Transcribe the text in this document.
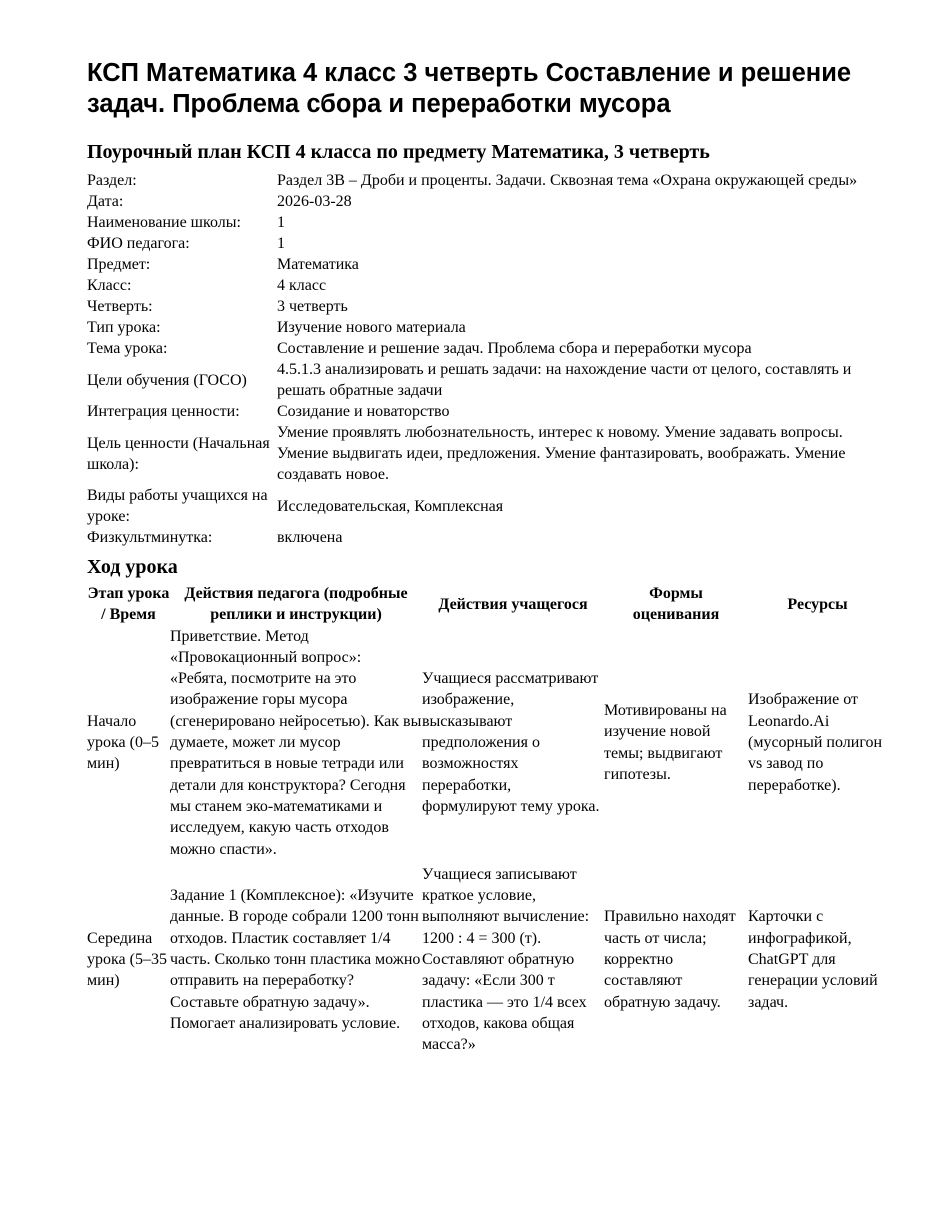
КСП Математика 4 класс 3 четверть Составление и решение задач. Проблема сбора и переработки мусора
Поурочный план КСП 4 класса по предмету Математика, 3 четверть
Раздел:	Раздел 3В – Дроби и проценты. Задачи. Сквозная тема «Охрана окружающей среды»
Дата:	2026-03-28
Наименование школы:	1
ФИО педагога:	1
Предмет:	Математика
Класс:	4 класс
Четверть:	3 четверть
Тип урока:	Изучение нового материала
Тема урока:	Составление и решение задач. Проблема сбора и переработки мусора
Цели обучения (ГОСО)	4.5.1.3 анализировать и решать задачи: на нахождение части от целого, составлять и решать обратные задачи
Интеграция ценности:	Созидание и новаторство
Цель ценности (Начальная школа):	Умение проявлять любознательность, интерес к новому. Умение задавать вопросы. Умение выдвигать идеи, предложения. Умение фантазировать, воображать. Умение создавать новое.
Виды работы учащихся на уроке:	Исследовательская, Комплексная
Физкультминутка:	включена
Ход урока
Этап урока / Время	Действия педагога (подробные реплики и инструкции)	Действия учащегося	Формы оценивания	Ресурсы
Начало урока (0–5 мин)	Приветствие. Метод «Провокационный вопрос»: «Ребята, посмотрите на это изображение горы мусора (сгенерировано нейросетью). Как вы думаете, может ли мусор превратиться в новые тетради или детали для конструктора? Сегодня мы станем эко-математиками и исследуем, какую часть отходов можно спасти».	Учащиеся рассматривают изображение, высказывают предположения о возможностях переработки, формулируют тему урока.	Мотивированы на изучение новой темы; выдвигают гипотезы.	Изображение от Leonardo.Ai (мусорный полигон vs завод по переработке).
Середина урока (5–35 мин)	Задание 1 (Комплексное): «Изучите данные. В городе собрали 1200 тонн отходов. Пластик составляет 1/4 часть. Сколько тонн пластика можно отправить на переработку? Составьте обратную задачу». Помогает анализировать условие.	Учащиеся записывают краткое условие, выполняют вычисление: 1200 : 4 = 300 (т). Составляют обратную задачу: «Если 300 т пластика — это 1/4 всех отходов, какова общая масса?»	Правильно находят часть от числа; корректно составляют обратную задачу.	Карточки с инфографикой, ChatGPT для генерации условий задач.
